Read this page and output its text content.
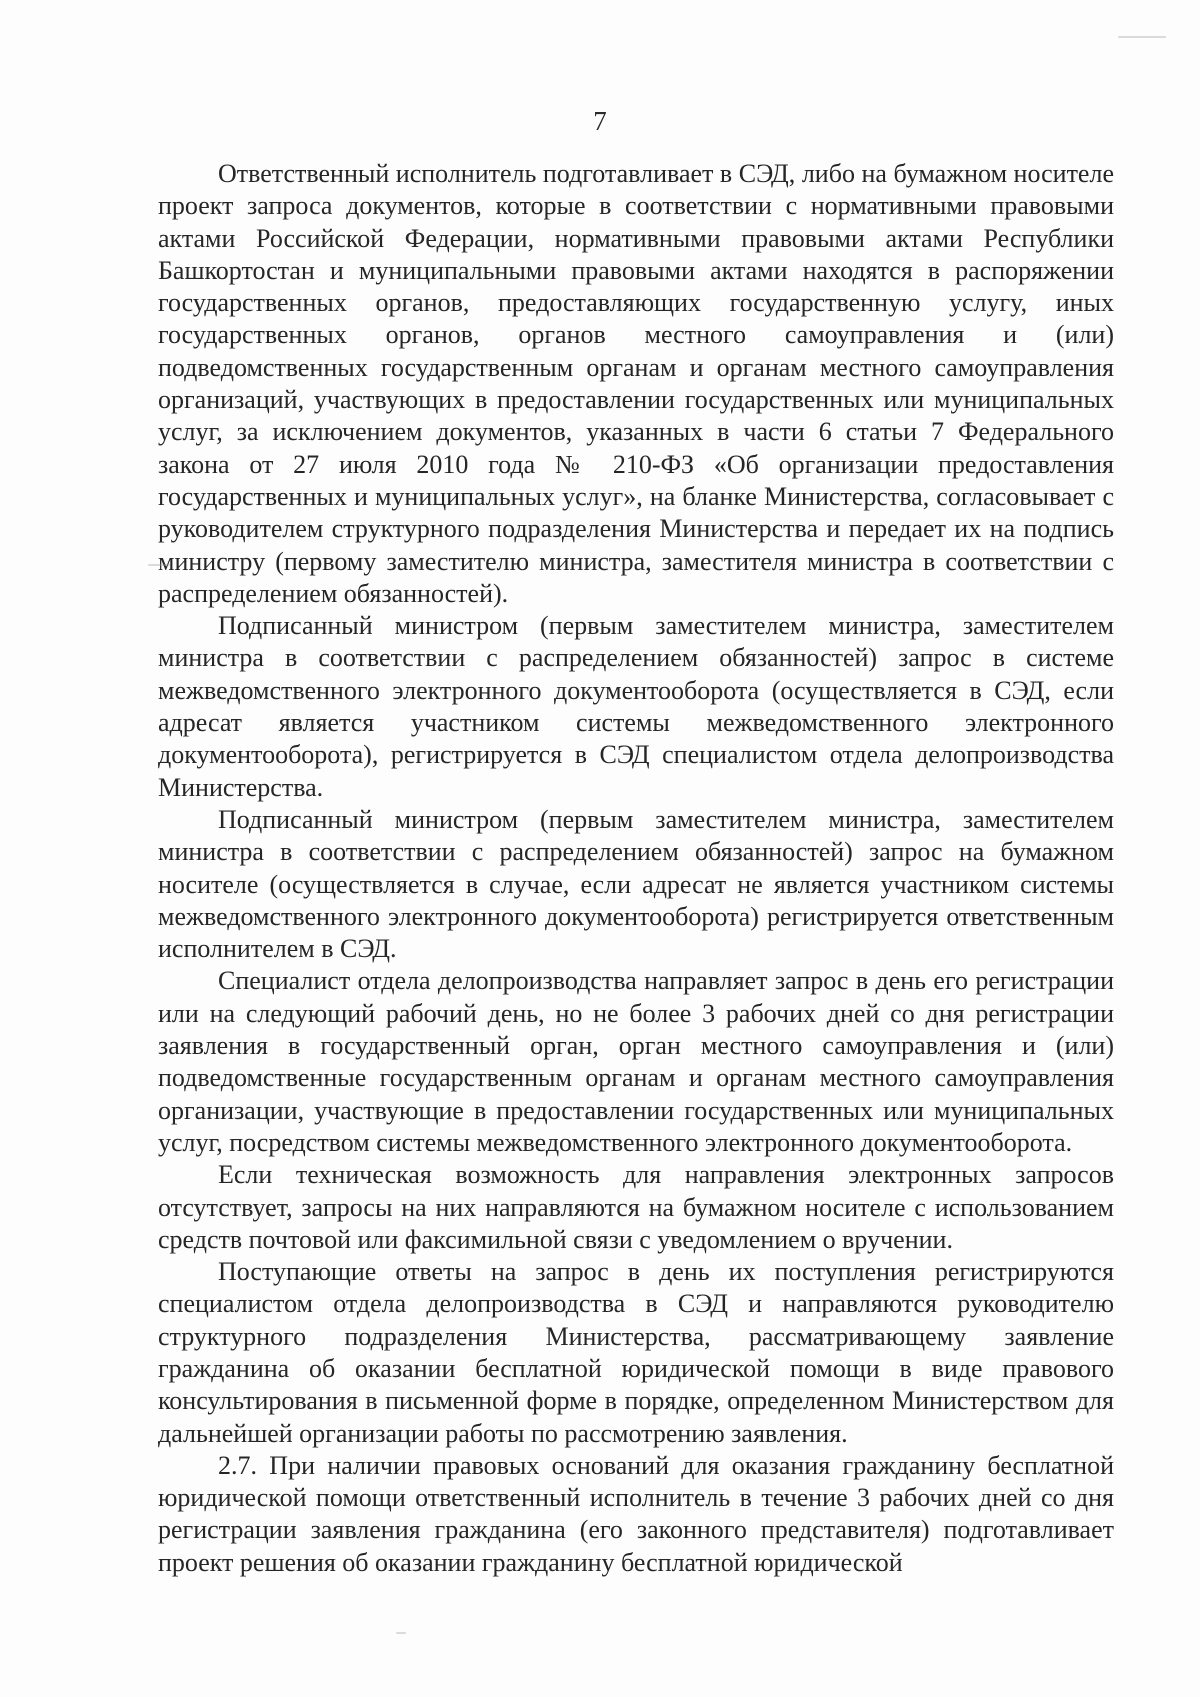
7

Ответственный исполнитель подготавливает в СЭД, либо на бумажном носителе проект запроса документов, которые в соответствии с нормативными правовыми актами Российской Федерации, нормативными правовыми актами Республики Башкортостан и муниципальными правовыми актами находятся в распоряжении государственных органов, предоставляющих государственную услугу, иных государственных органов, органов местного самоуправления и (или) подведомственных государственным органам и органам местного самоуправления организаций, участвующих в предоставлении государственных или муниципальных услуг, за исключением документов, указанных в части 6 статьи 7 Федерального закона от 27 июля 2010 года № 210-ФЗ «Об организации предоставления государственных и муниципальных услуг», на бланке Министерства, согласовывает с руководителем структурного подразделения Министерства и передает их на подпись министру (первому заместителю министра, заместителя министра в соответствии с распределением обязанностей).

Подписанный министром (первым заместителем министра, заместителем министра в соответствии с распределением обязанностей) запрос в системе межведомственного электронного документооборота (осуществляется в СЭД, если адресат является участником системы межведомственного электронного документооборота), регистрируется в СЭД специалистом отдела делопроизводства Министерства.

Подписанный министром (первым заместителем министра, заместителем министра в соответствии с распределением обязанностей) запрос на бумажном носителе (осуществляется в случае, если адресат не является участником системы межведомственного электронного документооборота) регистрируется ответственным исполнителем в СЭД.

Специалист отдела делопроизводства направляет запрос в день его регистрации или на следующий рабочий день, но не более 3 рабочих дней со дня регистрации заявления в государственный орган, орган местного самоуправления и (или) подведомственные государственным органам и органам местного самоуправления организации, участвующие в предоставлении государственных или муниципальных услуг, посредством системы межведомственного электронного документооборота.

Если техническая возможность для направления электронных запросов отсутствует, запросы на них направляются на бумажном носителе с использованием средств почтовой или факсимильной связи с уведомлением о вручении.

Поступающие ответы на запрос в день их поступления регистрируются специалистом отдела делопроизводства в СЭД и направляются руководителю структурного подразделения Министерства, рассматривающему заявление гражданина об оказании бесплатной юридической помощи в виде правового консультирования в письменной форме в порядке, определенном Министерством для дальнейшей организации работы по рассмотрению заявления.

2.7. При наличии правовых оснований для оказания гражданину бесплатной юридической помощи ответственный исполнитель в течение 3 рабочих дней со дня регистрации заявления гражданина (его законного представителя) подготавливает проект решения об оказании гражданину бесплатной юридической
